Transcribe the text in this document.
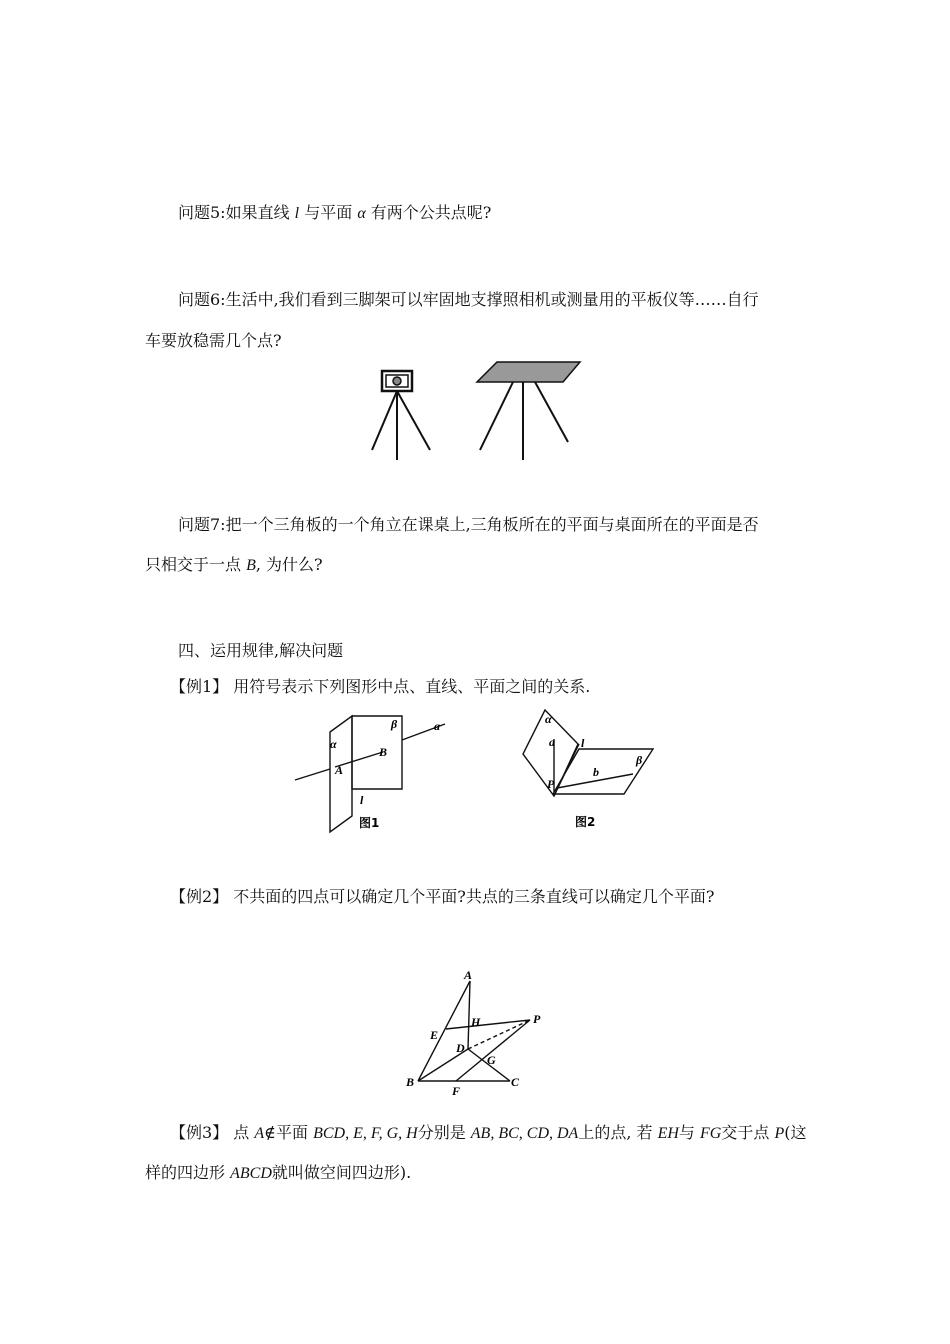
问题5:如果直线 l 与平面 α 有两个公共点呢?
问题6:生活中,我们看到三脚架可以牢固地支撑照相机或测量用的平板仪等……自行
车要放稳需几个点?
问题7:把一个三角板的一个角立在课桌上,三角板所在的平面与桌面所在的平面是否
只相交于一点 B, 为什么?
四、运用规律,解决问题
【例1】 用符号表示下列图形中点、直线、平面之间的关系.
α
β	a
A
B
l
图1
α
a l
β
b
P
图2
【例2】 不共面的四点可以确定几个平面?共点的三条直线可以确定几个平面?
A
H	P
E
D
G
B
F
C
【例3】 点 A∉平面 BCD, E, F, G, H分别是 AB, BC, CD, DA上的点, 若 EH与 FG交于点 P(这
样的四边形 ABCD就叫做空间四边形).
